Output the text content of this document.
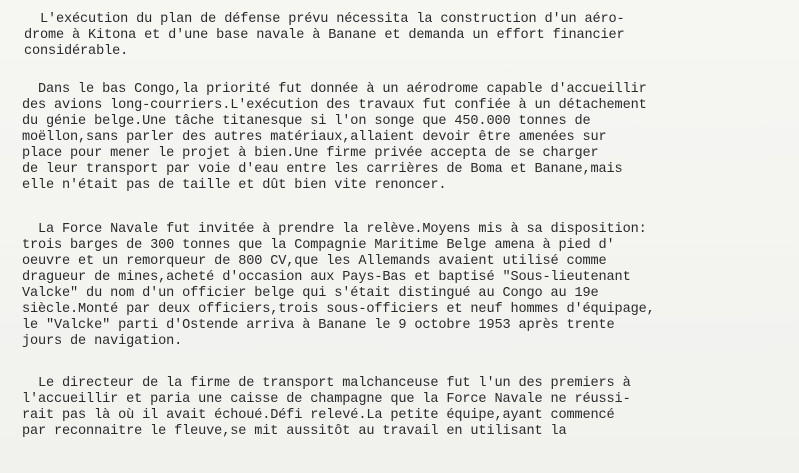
L'exécution du plan de défense prévu nécessita la construction d'un aéro-
drome à Kitona et d'une base navale à Banane et demanda un effort financier
considérable.
Dans le bas Congo,la priorité fut donnée à un aérodrome capable d'accueillir
des avions long-courriers.L'exécution des travaux fut confiée à un détachement
du génie belge.Une tâche titanesque si l'on songe que 450.000 tonnes de
moëllon,sans parler des autres matériaux,allaient devoir être amenées sur
place pour mener le projet à bien.Une firme privée accepta de se charger
de leur transport par voie d'eau entre les carrières de Boma et Banane,mais
elle n'était pas de taille et dût bien vite renoncer.
La Force Navale fut invitée à prendre la relève.Moyens mis à sa disposition:
trois barges de 300 tonnes que la Compagnie Maritime Belge amena à pied d'
oeuvre et un remorqueur de 800 CV,que les Allemands avaient utilisé comme
dragueur de mines,acheté d'occasion aux Pays-Bas et baptisé "Sous-lieutenant
Valcke" du nom d'un officier belge qui s'était distingué au Congo au 19e
siècle.Monté par deux officiers,trois sous-officiers et neuf hommes d'équipage,
le "Valcke" parti d'Ostende arriva à Banane le 9 octobre 1953 après trente
jours de navigation.
Le directeur de la firme de transport malchanceuse fut l'un des premiers à
l'accueillir et paria une caisse de champagne que la Force Navale ne réussi-
rait pas là où il avait échoué.Défi relevé.La petite équipe,ayant commencé
par reconnaitre le fleuve,se mit aussitôt au travail en utilisant la
